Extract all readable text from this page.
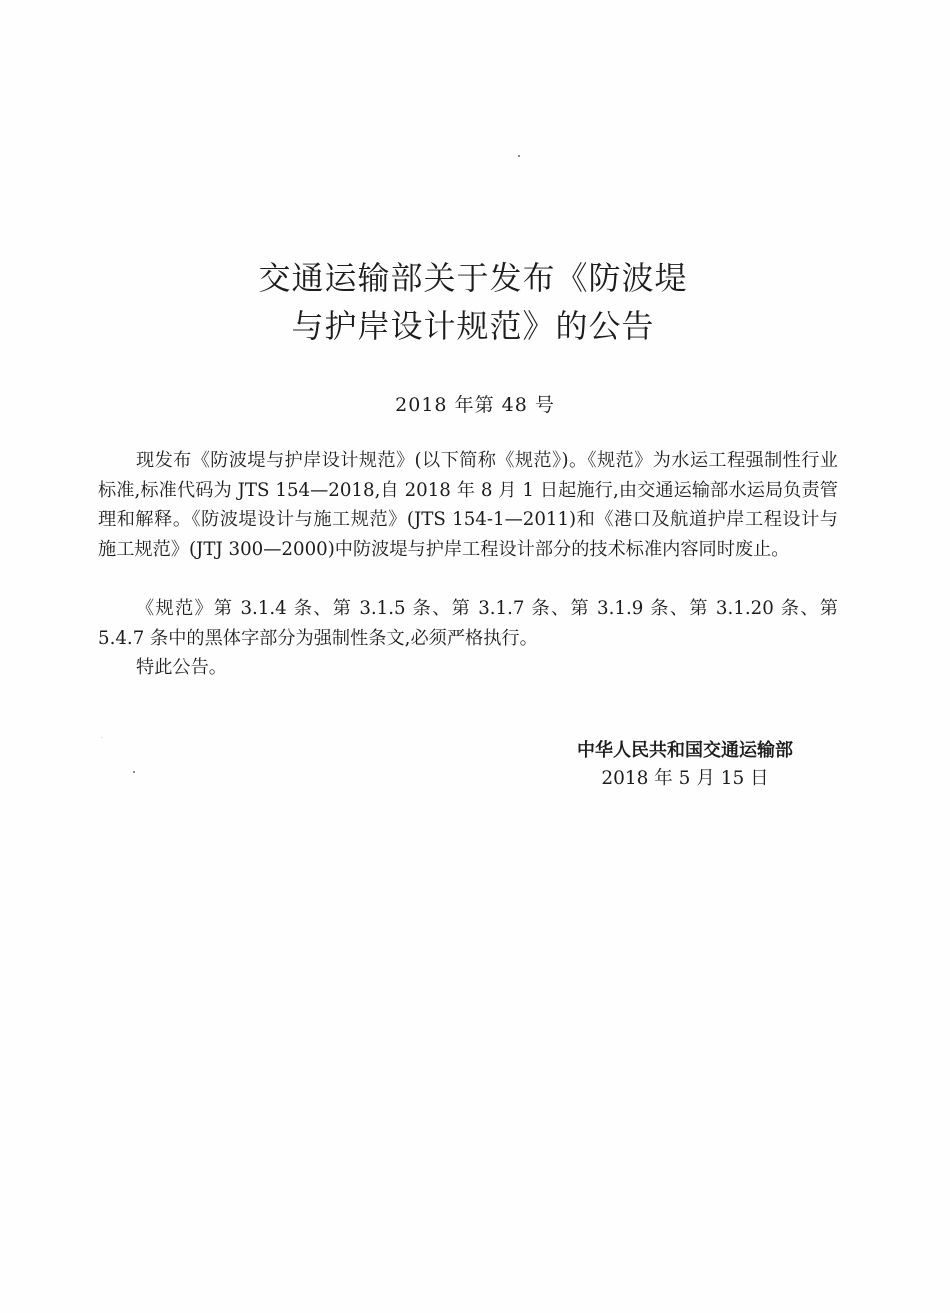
交通运输部关于发布《防波堤
与护岸设计规范》的公告
2018 年第 48 号

现发布《防波堤与护岸设计规范》(以下简称《规范》)。《规范》为水运工程强制性行业标准,标准代码为 JTS 154—2018,自 2018 年 8 月 1 日起施行,由交通运输部水运局负责管理和解释。《防波堤设计与施工规范》(JTS 154-1—2011)和《港口及航道护岸工程设计与施工规范》(JTJ 300—2000)中防波堤与护岸工程设计部分的技术标准内容同时废止。

《规范》第 3.1.4 条、第 3.1.5 条、第 3.1.7 条、第 3.1.9 条、第 3.1.20 条、第 5.4.7 条中的黑体字部分为强制性条文,必须严格执行。

特此公告。

中华人民共和国交通运输部
2018 年 5 月 15 日
